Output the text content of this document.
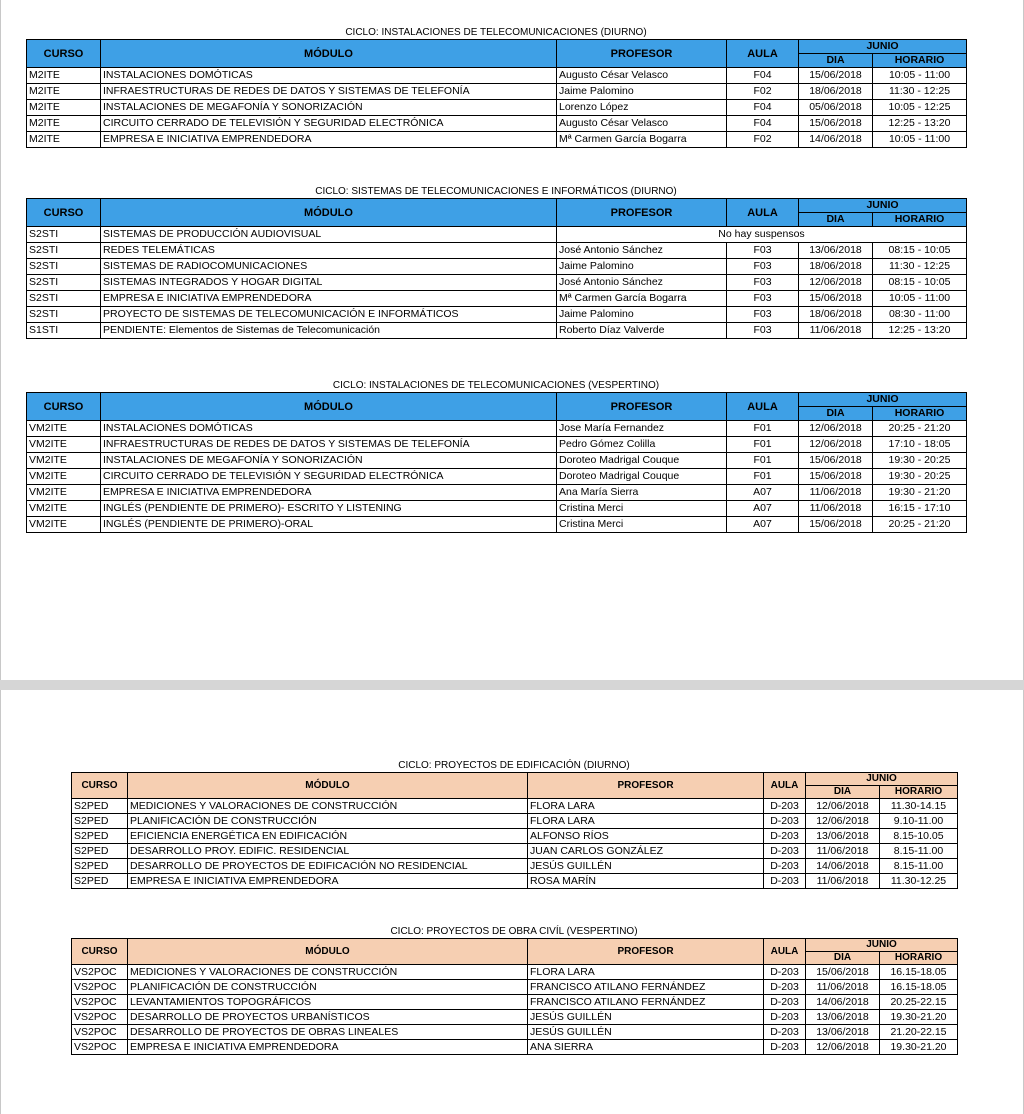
CICLO: INSTALACIONES DE TELECOMUNICACIONES (DIURNO)
CURSO	MÓDULO	PROFESOR	AULA	JUNIO	
				DIA	HORARIO
M2ITE	INSTALACIONES DOMÓTICAS	Augusto César Velasco	F04	15/06/2018	10:05 - 11:00
M2ITE	INFRAESTRUCTURAS DE REDES DE DATOS Y SISTEMAS DE TELEFONÍA	Jaime Palomino	F02	18/06/2018	11:30 - 12:25
M2ITE	INSTALACIONES DE MEGAFONÍA Y SONORIZACIÓN	Lorenzo López	F04	05/06/2018	10:05 - 12:25
M2ITE	CIRCUITO CERRADO DE TELEVISIÓN Y SEGURIDAD ELECTRÓNICA	Augusto César Velasco	F04	15/06/2018	12:25 - 13:20
M2ITE	EMPRESA E INICIATIVA EMPRENDEDORA	Mª Carmen García Bogarra	F02	14/06/2018	10:05 - 11:00
CICLO: SISTEMAS DE TELECOMUNICACIONES E INFORMÁTICOS (DIURNO)
CURSO	MÓDULO	PROFESOR	AULA	JUNIO	
				DIA	HORARIO
S2STI	SISTEMAS DE PRODUCCIÓN AUDIOVISUAL	No hay suspensos			
S2STI	REDES TELEMÁTICAS	José Antonio Sánchez	F03	13/06/2018	08:15 - 10:05
S2STI	SISTEMAS DE RADIOCOMUNICACIONES	Jaime Palomino	F03	18/06/2018	11:30 - 12:25
S2STI	SISTEMAS INTEGRADOS Y HOGAR DIGITAL	José Antonio Sánchez	F03	12/06/2018	08:15 - 10:05
S2STI	EMPRESA E INICIATIVA EMPRENDEDORA	Mª Carmen García Bogarra	F03	15/06/2018	10:05 - 11:00
S2STI	PROYECTO DE SISTEMAS DE TELECOMUNICACIÓN E INFORMÁTICOS	Jaime Palomino	F03	18/06/2018	08:30 - 11:00
S1STI	PENDIENTE: Elementos de Sistemas de Telecomunicación	Roberto Díaz Valverde	F03	11/06/2018	12:25 - 13:20
CICLO: INSTALACIONES DE TELECOMUNICACIONES (VESPERTINO)
CURSO	MÓDULO	PROFESOR	AULA	JUNIO	
				DIA	HORARIO
VM2ITE	INSTALACIONES DOMÓTICAS	Jose María Fernandez	F01	12/06/2018	20:25 - 21:20
VM2ITE	INFRAESTRUCTURAS DE REDES DE DATOS Y SISTEMAS DE TELEFONÍA	Pedro Gómez Colilla	F01	12/06/2018	17:10 - 18:05
VM2ITE	INSTALACIONES DE MEGAFONÍA Y SONORIZACIÓN	Doroteo Madrigal Couque	F01	15/06/2018	19:30 - 20:25
VM2ITE	CIRCUITO CERRADO DE TELEVISIÓN Y SEGURIDAD ELECTRÓNICA	Doroteo Madrigal Couque	F01	15/06/2018	19:30 - 20:25
VM2ITE	EMPRESA E INICIATIVA EMPRENDEDORA	Ana María Sierra	A07	11/06/2018	19:30 - 21:20
VM2ITE	INGLÉS (PENDIENTE DE PRIMERO)- ESCRITO Y LISTENING	Cristina Merci	A07	11/06/2018	16:15 - 17:10
VM2ITE	INGLÉS (PENDIENTE DE PRIMERO)-ORAL	Cristina Merci	A07	15/06/2018	20:25 - 21:20
CICLO: PROYECTOS DE EDIFICACIÓN (DIURNO)
CURSO	MÓDULO	PROFESOR	AULA	JUNIO	
				DIA	HORARIO
S2PED	MEDICIONES Y VALORACIONES DE CONSTRUCCIÓN	FLORA LARA	D-203	12/06/2018	11.30-14.15
S2PED	PLANIFICACIÓN DE CONSTRUCCIÓN	FLORA LARA	D-203	12/06/2018	9.10-11.00
S2PED	EFICIENCIA ENERGÉTICA EN EDIFICACIÓN	ALFONSO RÍOS	D-203	13/06/2018	8.15-10.05
S2PED	DESARROLLO PROY. EDIFIC. RESIDENCIAL	JUAN CARLOS GONZÁLEZ	D-203	11/06/2018	8.15-11.00
S2PED	DESARROLLO DE PROYECTOS DE EDIFICACIÓN NO RESIDENCIAL	JESÚS GUILLÉN	D-203	14/06/2018	8.15-11.00
S2PED	EMPRESA E INICIATIVA EMPRENDEDORA	ROSA MARÍN	D-203	11/06/2018	11.30-12.25
CICLO: PROYECTOS DE OBRA CIVÍL (VESPERTINO)
CURSO	MÓDULO	PROFESOR	AULA	JUNIO	
				DIA	HORARIO
VS2POC	MEDICIONES Y VALORACIONES DE CONSTRUCCIÓN	FLORA LARA	D-203	15/06/2018	16.15-18.05
VS2POC	PLANIFICACIÓN DE CONSTRUCCIÓN	FRANCISCO ATILANO FERNÁNDEZ	D-203	11/06/2018	16.15-18.05
VS2POC	LEVANTAMIENTOS TOPOGRÁFICOS	FRANCISCO ATILANO FERNÁNDEZ	D-203	14/06/2018	20.25-22.15
VS2POC	DESARROLLO DE PROYECTOS URBANÍSTICOS	JESÚS GUILLÉN	D-203	13/06/2018	19.30-21.20
VS2POC	DESARROLLO DE PROYECTOS DE OBRAS LINEALES	JESÚS GUILLÉN	D-203	13/06/2018	21.20-22.15
VS2POC	EMPRESA E INICIATIVA EMPRENDEDORA	ANA SIERRA	D-203	12/06/2018	19.30-21.20
